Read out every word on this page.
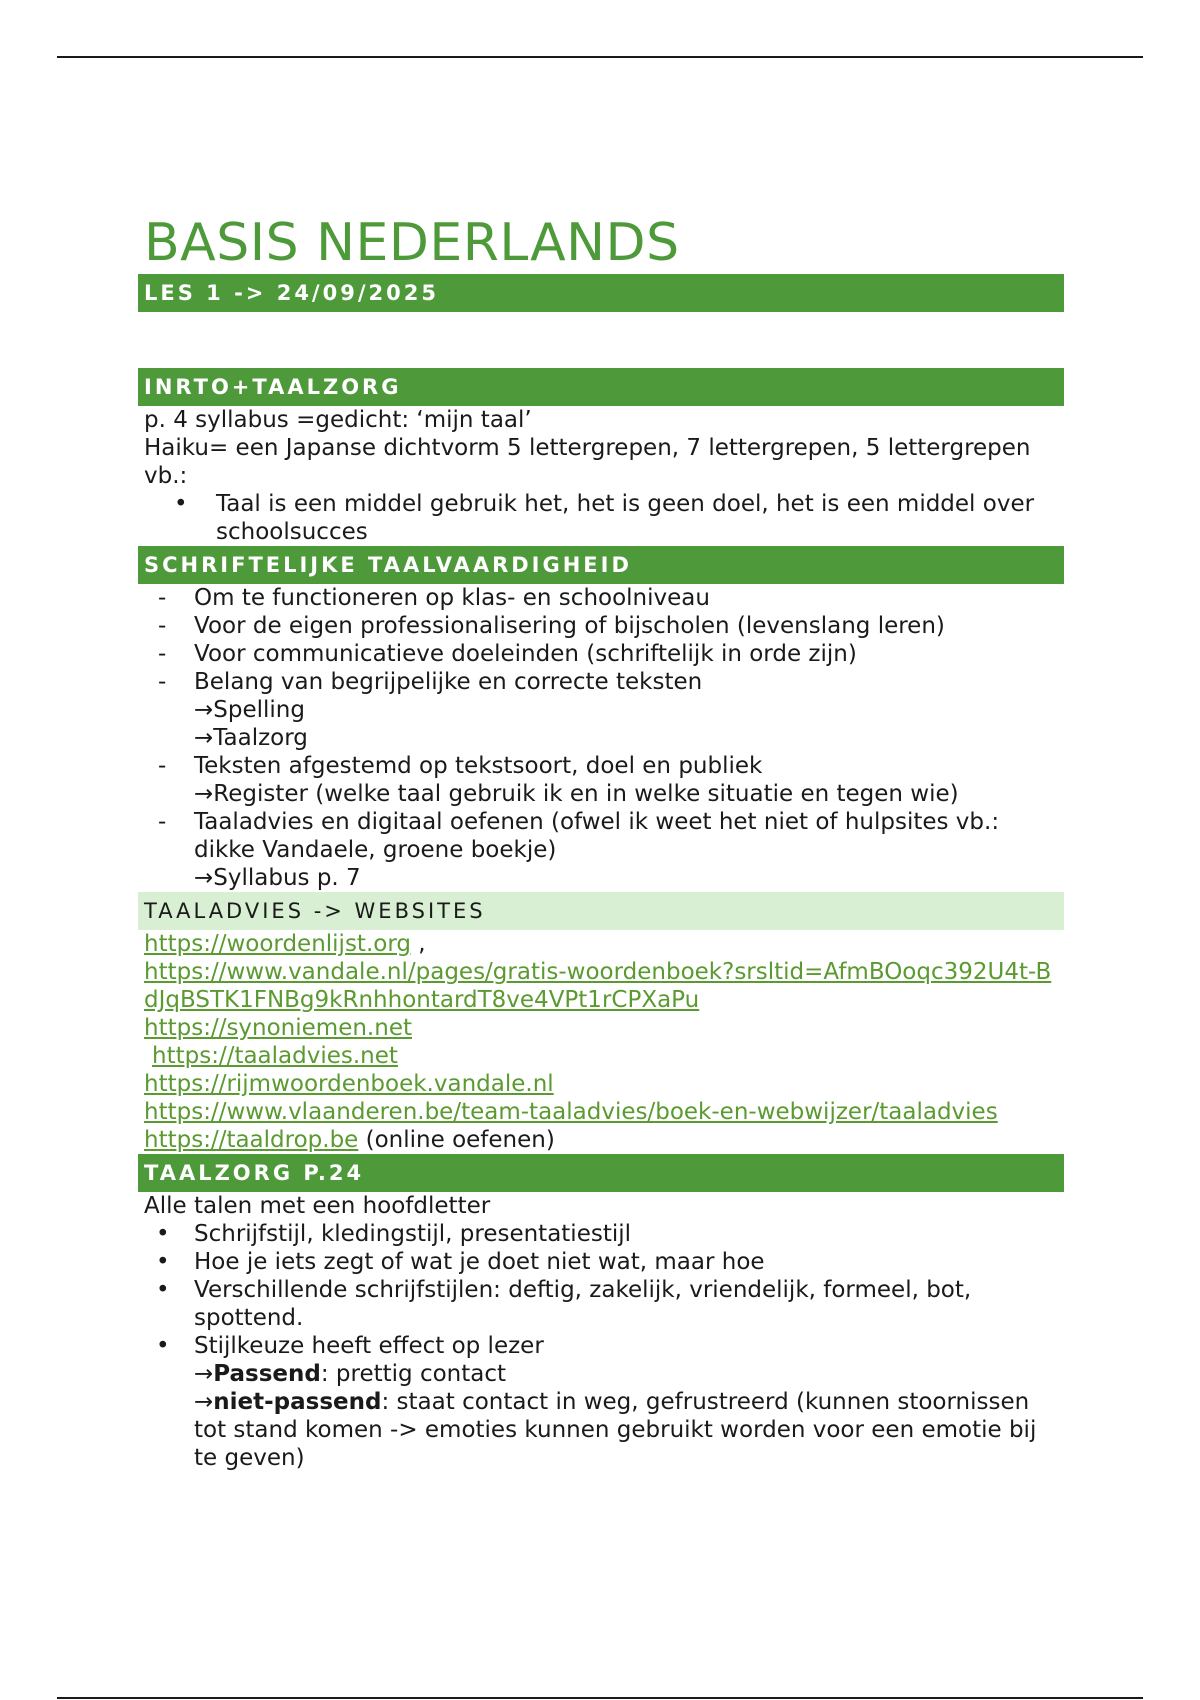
BASIS NEDERLANDS
LES 1 -> 24/09/2025
INRTO+TAALZORG

p. 4 syllabus =gedicht: ‘mijn taal’

Haiku= een Japanse dichtvorm 5 lettergrepen, 7 lettergrepen, 5 lettergrepen

vb.:

• Taal is een middel gebruik het, het is geen doel, het is een middel over schoolsucces
SCHRIFTELIJKE TAALVAARDIGHEID
- Om te functioneren op klas- en schoolniveau
- Voor de eigen professionalisering of bijscholen (levenslang leren)
- Voor communicatieve doeleinden (schriftelijk in orde zijn)
- Belang van begrijpelijke en correcte teksten
→Spelling
→Taalzorg
- Teksten afgestemd op tekstsoort, doel en publiek
→Register (welke taal gebruik ik en in welke situatie en tegen wie)
- Taaladvies en digitaal oefenen (ofwel ik weet het niet of hulpsites vb.: dikke Vandaele, groene boekje)
→Syllabus p. 7
TAALADVIES -> WEBSITES

https://woordenlijst.org ,

https://www.vandale.nl/pages/gratis-woordenboek?srsltid=AfmBOoqc392U4t-BdJqBSTK1FNBg9kRnhhontardT8ve4VPt1rCPXaPu

https://synoniemen.net

https://taaladvies.net

https://rijmwoordenboek.vandale.nl

https://www.vlaanderen.be/team-taaladvies/boek-en-webwijzer/taaladvies

https://taaldrop.be (online oefenen)

TAALZORG P.24

Alle talen met een hoofdletter

• Schrijfstijl, kledingstijl, presentatiestijl
• Hoe je iets zegt of wat je doet niet wat, maar hoe
• Verschillende schrijfstijlen: deftig, zakelijk, vriendelijk, formeel, bot, spottend.
• Stijlkeuze heeft effect op lezer
→Passend: prettig contact
→niet-passend: staat contact in weg, gefrustreerd (kunnen stoornissen tot stand komen -> emoties kunnen gebruikt worden voor een emotie bij te geven)
